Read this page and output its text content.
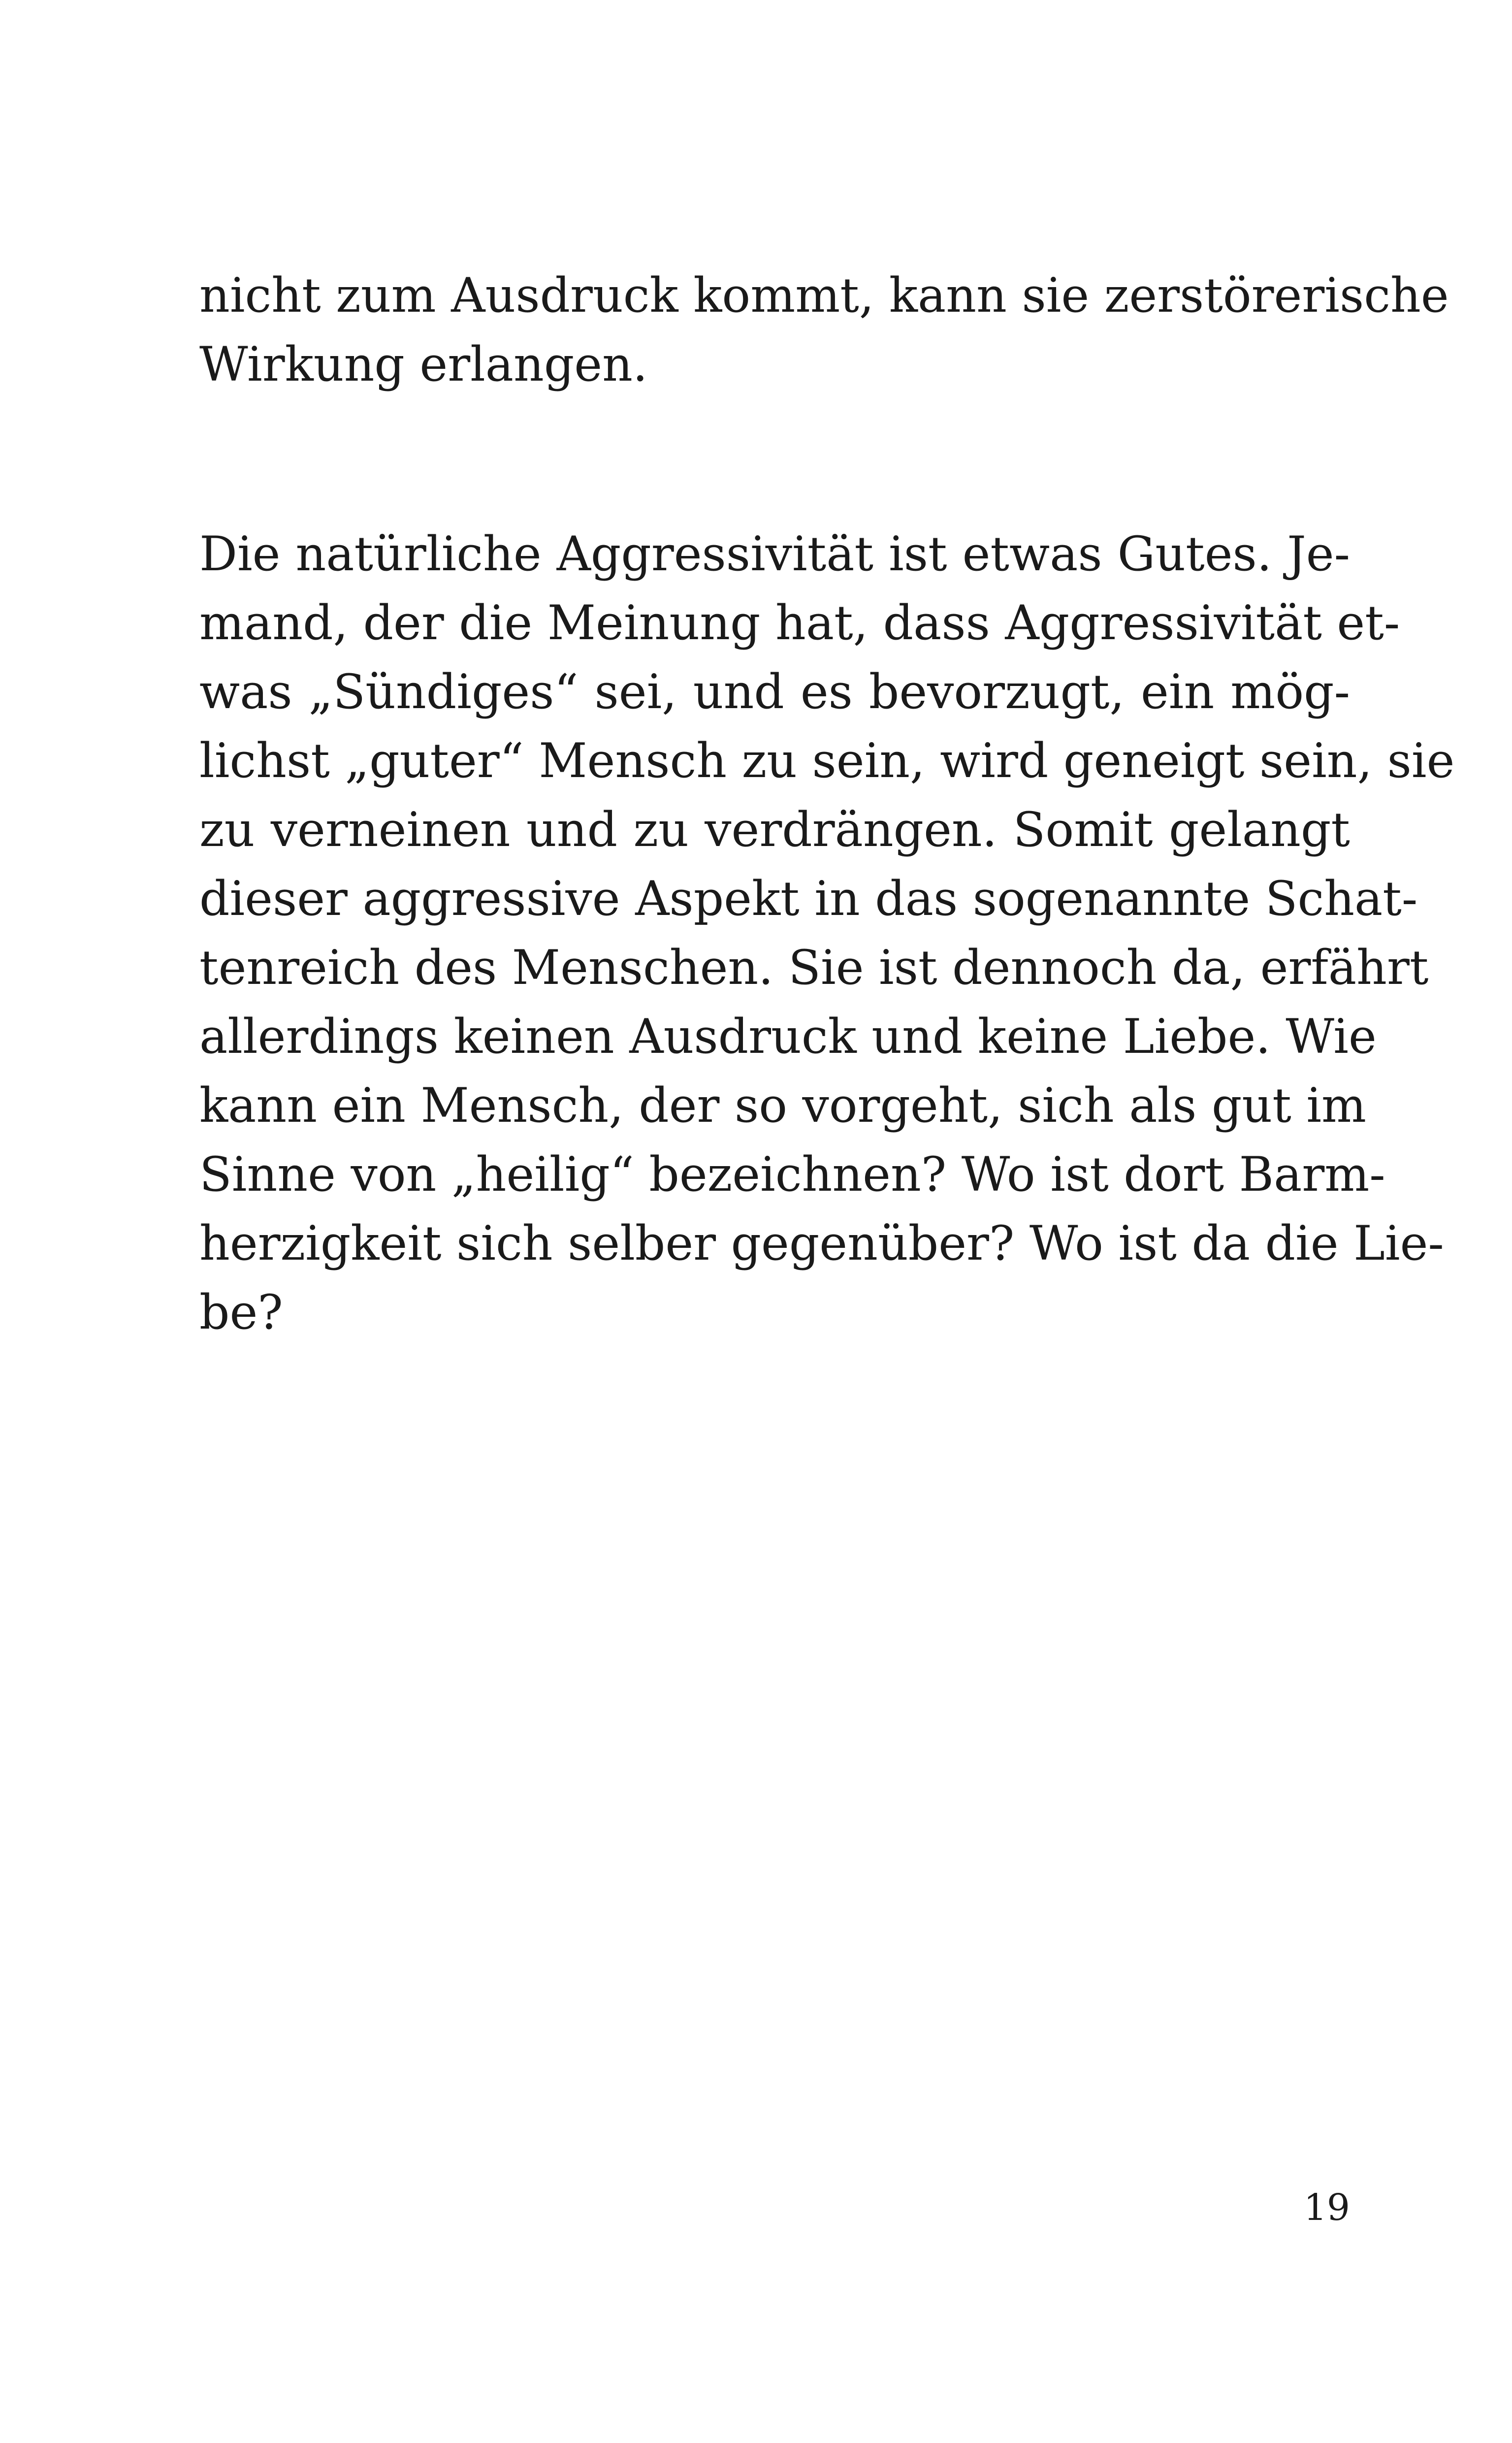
nicht zum Ausdruck kommt, kann sie zerstörerische
Wirkung erlangen.
Die natürliche Aggressivität ist etwas Gutes. Je-
mand, der die Meinung hat, dass Aggressivität et-
was „Sündiges“ sei, und es bevorzugt, ein mög-
lichst „guter“ Mensch zu sein, wird geneigt sein, sie
zu verneinen und zu verdrängen. Somit gelangt
dieser aggressive Aspekt in das sogenannte Schat-
tenreich des Menschen. Sie ist dennoch da, erfährt
allerdings keinen Ausdruck und keine Liebe. Wie
kann ein Mensch, der so vorgeht, sich als gut im
Sinne von „heilig“ bezeichnen? Wo ist dort Barm-
herzigkeit sich selber gegenüber? Wo ist da die Lie-
be?
19
